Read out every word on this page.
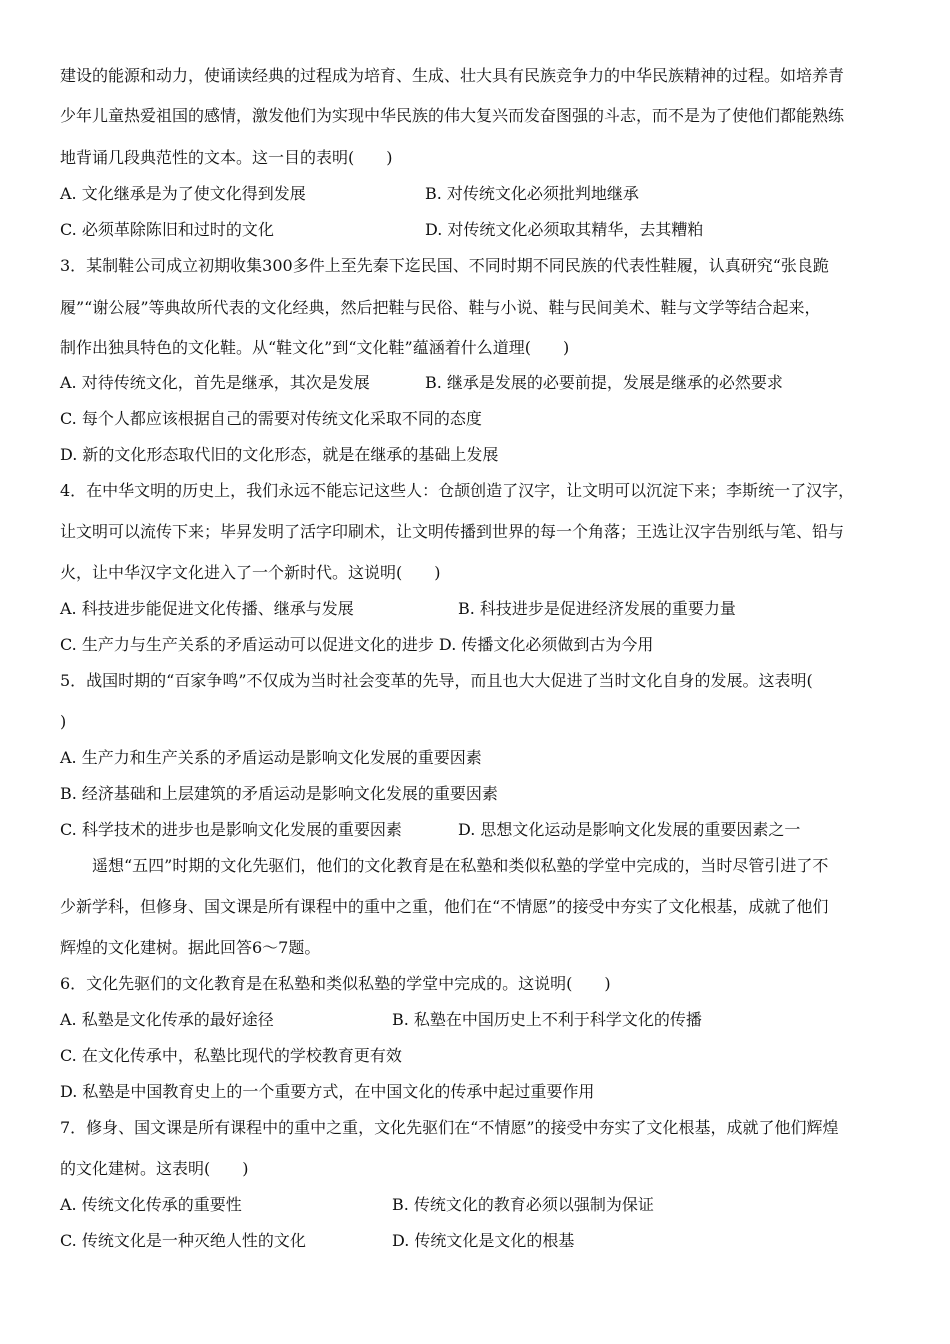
建设的能源和动力，使诵读经典的过程成为培育、生成、壮大具有民族竞争力的中华民族精神的过程。如培养青
少年儿童热爱祖国的感情，激发他们为实现中华民族的伟大复兴而发奋图强的斗志，而不是为了使他们都能熟练
地背诵几段典范性的文本。这一目的表明(　　)
A. 文化继承是为了使文化得到发展	B. 对传统文化必须批判地继承
C. 必须革除陈旧和过时的文化	D. 对传统文化必须取其精华，去其糟粕
3．某制鞋公司成立初期收集300多件上至先秦下迄民国、不同时期不同民族的代表性鞋履，认真研究“张良跪
履”“谢公屐”等典故所代表的文化经典，然后把鞋与民俗、鞋与小说、鞋与民间美术、鞋与文学等结合起来，
制作出独具特色的文化鞋。从“鞋文化”到“文化鞋”蕴涵着什么道理(　　)
A. 对待传统文化，首先是继承，其次是发展	B. 继承是发展的必要前提，发展是继承的必然要求
C. 每个人都应该根据自己的需要对传统文化采取不同的态度
D. 新的文化形态取代旧的文化形态，就是在继承的基础上发展
4．在中华文明的历史上，我们永远不能忘记这些人：仓颉创造了汉字，让文明可以沉淀下来；李斯统一了汉字，
让文明可以流传下来；毕昇发明了活字印刷术，让文明传播到世界的每一个角落；王选让汉字告别纸与笔、铅与
火，让中华汉字文化进入了一个新时代。这说明(　　)
A. 科技进步能促进文化传播、继承与发展	B. 科技进步是促进经济发展的重要力量
C. 生产力与生产关系的矛盾运动可以促进文化的进步 D. 传播文化必须做到古为今用
5．战国时期的“百家争鸣”不仅成为当时社会变革的先导，而且也大大促进了当时文化自身的发展。这表明(
)
A. 生产力和生产关系的矛盾运动是影响文化发展的重要因素
B. 经济基础和上层建筑的矛盾运动是影响文化发展的重要因素
C. 科学技术的进步也是影响文化发展的重要因素	D. 思想文化运动是影响文化发展的重要因素之一
遥想“五四”时期的文化先驱们，他们的文化教育是在私塾和类似私塾的学堂中完成的，当时尽管引进了不
少新学科，但修身、国文课是所有课程中的重中之重，他们在“不情愿”的接受中夯实了文化根基，成就了他们
辉煌的文化建树。据此回答6～7题。
6．文化先驱们的文化教育是在私塾和类似私塾的学堂中完成的。这说明(　　)
A. 私塾是文化传承的最好途径	B. 私塾在中国历史上不利于科学文化的传播
C. 在文化传承中，私塾比现代的学校教育更有效
D. 私塾是中国教育史上的一个重要方式，在中国文化的传承中起过重要作用
7．修身、国文课是所有课程中的重中之重，文化先驱们在“不情愿”的接受中夯实了文化根基，成就了他们辉煌
的文化建树。这表明(　　)
A. 传统文化传承的重要性	B. 传统文化的教育必须以强制为保证
C. 传统文化是一种灭绝人性的文化	D. 传统文化是文化的根基
